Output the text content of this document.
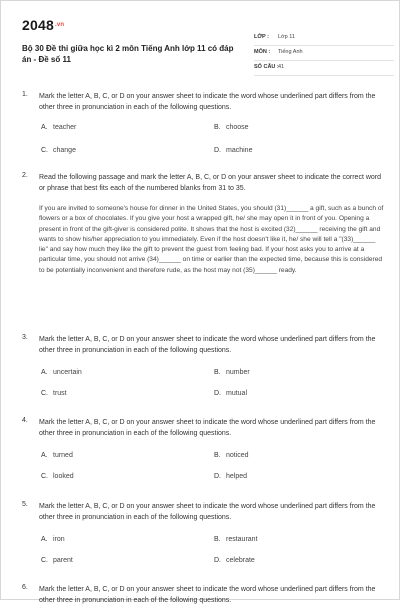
$2048^{.vn}$
Bộ 30 Đề thi giữa học kì 2 môn Tiếng Anh lớp 11 có đáp án - Đề số 11
LỚP : Lớp 11
MÔN : Tiếng Anh
SỐ CÂU : 41
1. Mark the letter A, B, C, or D on your answer sheet to indicate the word whose underlined part differs from the other three in pronunciation in each of the following questions.
A. teacher	B. choose
C. change	D. machine
2. Read the following passage and mark the letter A, B, C, or D on your answer sheet to indicate the correct word or phrase that best fits each of the numbered blanks from 31 to 35.
If you are invited to someone's house for dinner in the United States, you should (31)______ a gift, such as a bunch of flowers or a box of chocolates. If you give your host a wrapped gift, he/ she may open it in front of you. Opening a present in front of the gift-giver is considered polite. It shows that the host is excited (32)______ receiving the gift and wants to show his/her appreciation to you immediately. Even if the host doesn't like it, he/ she will tell a "(33)______ lie" and say how much they like the gift to prevent the guest from feeling bad. If your host asks you to arrive at a particular time, you should not arrive (34)______ on time or earlier than the expected time, because this is considered to be potentially inconvenient and therefore rude, as the host may not (35)______ ready.
3. Mark the letter A, B, C, or D on your answer sheet to indicate the word whose underlined part differs from the other three in pronunciation in each of the following questions.
A. uncertain	B. number
C. trust	D. mutual
4. Mark the letter A, B, C, or D on your answer sheet to indicate the word whose underlined part differs from the other three in pronunciation in each of the following questions.
A. turned	B. noticed
C. looked	D. helped
5. Mark the letter A, B, C, or D on your answer sheet to indicate the word whose underlined part differs from the other three in pronunciation in each of the following questions.
A. iron	B. restaurant
C. parent	D. celebrate
6. Mark the letter A, B, C, or D on your answer sheet to indicate the word whose underlined part differs from the other three in pronunciation in each of the following questions.
